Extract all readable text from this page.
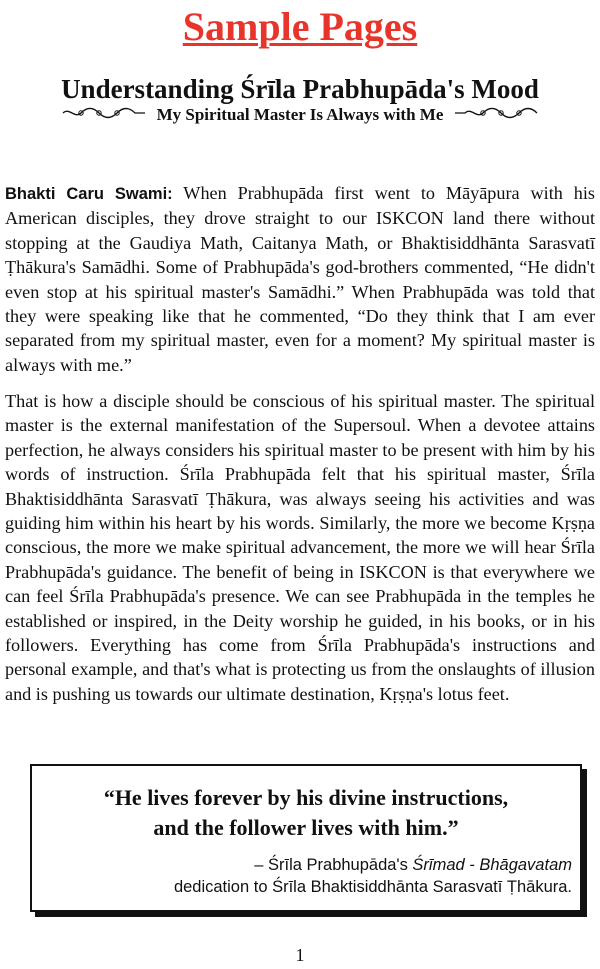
Sample Pages
Understanding Śrīla Prabhupāda's Mood
My Spiritual Master Is Always with Me

Bhakti Caru Swami: When Prabhupāda first went to Māyāpura with his American disciples, they drove straight to our ISKCON land there without stopping at the Gaudiya Math, Caitanya Math, or Bhaktisiddhānta Sarasvatī Ṭhākura's Samādhi. Some of Prabhupāda's god-brothers commented, “He didn't even stop at his spiritual master's Samādhi.” When Prabhupāda was told that they were speaking like that he commented, “Do they think that I am ever separated from my spiritual master, even for a moment? My spiritual master is always with me.”

That is how a disciple should be conscious of his spiritual master. The spiritual master is the external manifestation of the Supersoul. When a devotee attains perfection, he always considers his spiritual master to be present with him by his words of instruction. Śrīla Prabhupāda felt that his spiritual master, Śrīla Bhaktisiddhānta Sarasvatī Ṭhākura, was always seeing his activities and was guiding him within his heart by his words. Similarly, the more we become Kṛṣṇa conscious, the more we make spiritual advancement, the more we will hear Śrīla Prabhupāda's guidance. The benefit of being in ISKCON is that everywhere we can feel Śrīla Prabhupāda's presence. We can see Prabhupāda in the temples he established or inspired, in the Deity worship he guided, in his books, or in his followers. Everything has come from Śrīla Prabhupāda's instructions and personal example, and that's what is protecting us from the onslaughts of illusion and is pushing us towards our ultimate destination, Kṛṣṇa's lotus feet.

“He lives forever by his divine instructions,
and the follower lives with him.”
– Śrīla Prabhupāda's Śrīmad - Bhāgavatam
dedication to Śrīla Bhaktisiddhānta Sarasvatī Ṭhākura.
1
